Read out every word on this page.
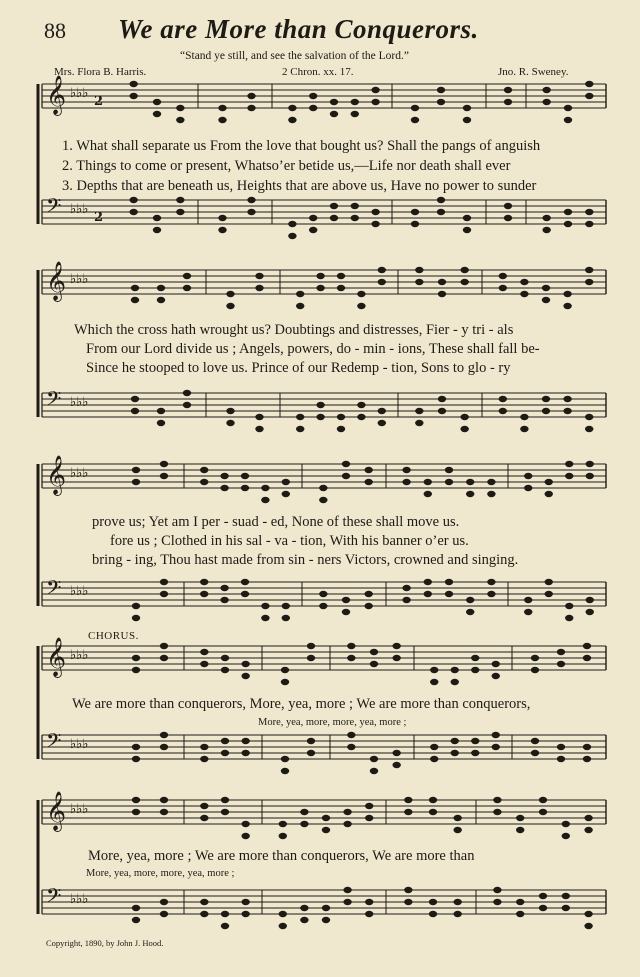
88 We are More than Conquerors.
“Stand ye still, and see the salvation of the Lord.”
Mrs. Flora B. Harris.	2 Chron. xx. 17.	Jno. R. Sweney.
𝄞 ♭♭♭
2
𝄢 ♭♭♭
2
𝄞 ♭♭♭
𝄢 ♭♭♭
𝄞 ♭♭♭
𝄢 ♭♭♭
𝄞 ♭♭♭
𝄢 ♭♭♭
𝄞 ♭♭♭
𝄢 ♭♭♭
1. What shall separate us From the love that bought us? Shall the pangs of anguish
2. Things to come or present, Whatso’er betide us,—Life nor death shall ever
3. Depths that are beneath us, Heights that are above us, Have no power to sunder
Which the cross hath wrought us? Doubtings and distresses, Fier - y tri - als
From our Lord divide us ; Angels, powers, do - min - ions, These shall fall be-
Since he stooped to love us. Prince of our Redemp - tion, Sons to glo - ry
prove us; Yet am I per - suad - ed, None of these shall move us.
fore us ; Clothed in his sal - va - tion, With his banner o’er us.
bring - ing, Thou hast made from sin - ners Victors, crowned and singing.
CHORUS.
We are more than conquerors, More, yea, more ; We are more than conquerors,
More, yea, more, more, yea, more ;
More, yea, more ; We are more than conquerors, We are more than
More, yea, more, more, yea, more ;
Copyright, 1890, by John J. Hood.
